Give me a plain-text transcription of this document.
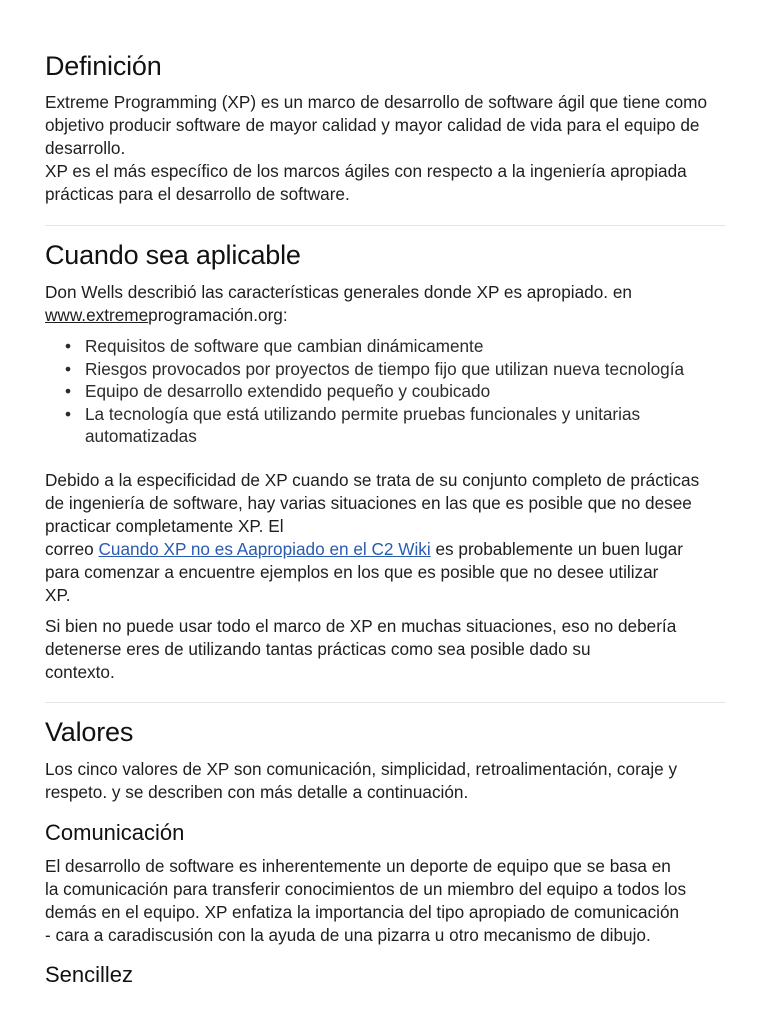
Definición
Extreme Programming (XP) es un marco de desarrollo de software ágil que tiene como
objetivo producir software de mayor calidad y mayor calidad de vida para el equipo de
desarrollo.
XP es el más específico de los marcos ágiles con respecto a la ingeniería apropiada
prácticas para el desarrollo de software.
Cuando sea aplicable
Don Wells describió las características generales donde XP es apropiado. en
www.extremeprogramación.org:
• Requisitos de software que cambian dinámicamente
• Riesgos provocados por proyectos de tiempo fijo que utilizan nueva tecnología
• Equipo de desarrollo extendido pequeño y coubicado
• La tecnología que está utilizando permite pruebas funcionales y unitarias
automatizadas
Debido a la especificidad de XP cuando se trata de su conjunto completo de prácticas
de ingeniería de software, hay varias situaciones en las que es posible que no desee
practicar completamente XP. El
correo Cuando XP no es Aapropiado en el C2 Wiki es probablemente un buen lugar
para comenzar a encuentre ejemplos en los que es posible que no desee utilizar
XP.
Si bien no puede usar todo el marco de XP en muchas situaciones, eso no debería
detenerse eres de utilizando tantas prácticas como sea posible dado su
contexto.
Valores
Los cinco valores de XP son comunicación, simplicidad, retroalimentación, coraje y
respeto. y se describen con más detalle a continuación.
Comunicación
El desarrollo de software es inherentemente un deporte de equipo que se basa en
la comunicación para transferir conocimientos de un miembro del equipo a todos los
demás en el equipo. XP enfatiza la importancia del tipo apropiado de comunicación
- cara a caradiscusión con la ayuda de una pizarra u otro mecanismo de dibujo.
Sencillez
